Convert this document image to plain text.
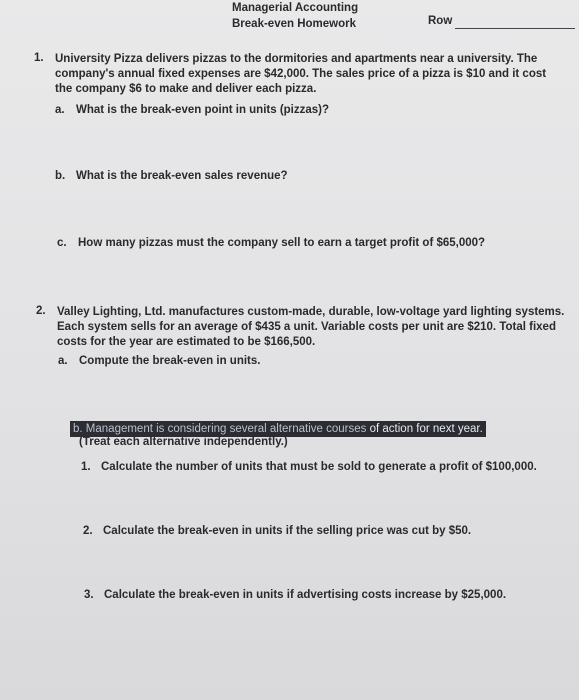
Managerial Accounting
Break-even Homework	Row
1. University Pizza delivers pizzas to the dormitories and apartments near a university. The
company's annual fixed expenses are $42,000. The sales price of a pizza is $10 and it cost
the company $6 to make and deliver each pizza.
a. What is the break-even point in units (pizzas)?
b. What is the break-even sales revenue?
c. How many pizzas must the company sell to earn a target profit of $65,000?
2. Valley Lighting, Ltd. manufactures custom-made, durable, low-voltage yard lighting systems.
Each system sells for an average of $435 a unit. Variable costs per unit are $210. Total fixed
costs for the year are estimated to be $166,500.
a. Compute the break-even in units.
b. Management is considering several alternative courses of action for next year.
(Treat each alternative independently.)
1. Calculate the number of units that must be sold to generate a profit of $100,000.
2. Calculate the break-even in units if the selling price was cut by $50.
3. Calculate the break-even in units if advertising costs increase by $25,000.
